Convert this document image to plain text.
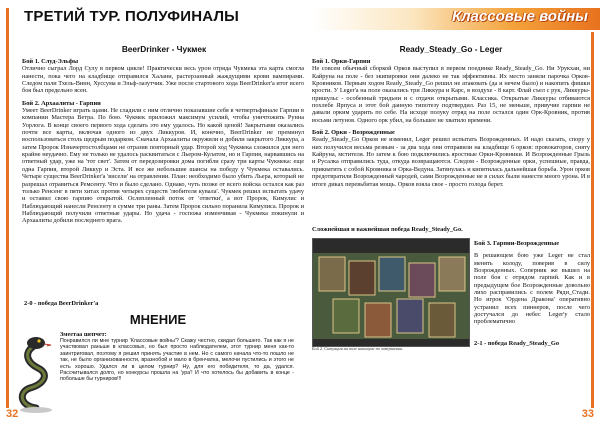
ТРЕТИЙ ТУР. ПОЛУФИНАЛЫ	Классовые войны
BeerDrinker - Чукмек
Бой 1. Слуд-Эльфы

Отлично сыграл Лорд Сулу в первом цикле! Практически весь урон отряда Чукмека эта карта смогла нанести, пока чего на кладбище отправился Халани, растерзанный жаждущими крови вампирами. Следом пали Тхель-Винн, Хуссума и Эльф-лазутчик. Уже после стартового хода BeerDrinker'а итог всего боя был предельно ясен.

Бой 2. Архаалиты - Гарпии

Умеет BeerDrinker играть щами. Не сладили с ним отлично показавшие себя в четвертьфинале Гарпии в компании Мастера Ветра. По бою. Чукмек приложил максимум усилий, чтобы уничтожить Рунна Уорлога. В конце своего первого хода сделать это ему удалось. Но какой ценой! Закрытыми оказались почти все карты, включая одного из двух Ликкуров. И, конечно, BeerDrinker не преминул воспользоваться столь щедрым подарком. Сначала Архаалиты окружили и добили закрытого Ликкура, а затем Пророк Изначертостолбцами не отразив повторный удар. Второй ход Чукмека сложился для него крайне неудачно. Ему не только не удалось расквитаться с Льером-Кулатом, но и Гарпия, нарвавшись на ответный удар, уже на 'тот свет'. Затем от передозировки дома погибли сразу три карты Чукмека: еще одна Гарпия, второй Ликкур и Эста. И все же небольшие шансы на победу у Чукмека оставались. Четыре существа BeerDrinker'а 'висели' на отравлении. План: необходимо было убить Льера, который не разрешал отравиться Ремсенту. Что и было сделано. Однако, чуть позже от всего войска остался как раз только Ренсенг в пяти хитах против четырех существ 'любителя кувала'. Чукмек решил испытать удачу и оставил свою гарпию открытой. Ослепленный поток от 'ответки', а вот Пророк, Кимулис и Наблюдающий нанесли Ренсенту в сумме три раны. Затем Пророк сильно поранила Кимулиса. Пророк и Наблюдающий получили ответные удары. Но удача - госпожа изменчивая - Чукмека покинули и Архаалиты добили последнего врага.

2-0 - победа BeerDrinker'а
МНЕНИЕ
Змеетаа шепчет:
Понравился ли мне турнир 'Классовые войны'? Скажу честно, скидал большего. Так как я не участвовал раньше в классовых, но был просто наблюдателем, этот турнир меня как-то заинтриговал, поэтому я решил принять участие в нем. Но с самого начала что-то пошло не так, не было организованности, вразнобой и мало в бренчатка, мелочи пустились и этого не есть хорошо. Удался ли в целом турнир? Ну, для его победителя, то да, удался. Рассчитывался долго, но конкурсы прошла на 'ура'! И что хотелось бы добавить в конце - побольше бы турниров!!!
Ready_Steady_Go - Leger
Бой 1. Орки-Гарпии

Не совсем обычный сборкой Орков выступил в первом поединке Ready_Steady_Go. Ни Урукхаи, ни Кайруна на поле - без экипировки они далеко не так эффективны. Их место заняли парочка Орков-Кровников. Первым ходом Ready_Steady_Go решил не атаковать (да и нечем было) и накопить фишки крости. У Leger'а на поле оказались три Ликкура и Карс, в воздухе - 8 карт. Флай съел с рук, Ликкуры-пришульс - особенный тридьни и с отдачи открытыми. Классика. Открытые Ликкуры отбиваются похлебе Ярпуса и этот бой данную типотезу подтвердил. Раз 15, не меньше, привучие гарпии не давали орким ударить по себе. На исходе полуку отряд на поле остался один Орк-Кровник, против восьми летунов. Одного орк убил, на большее не хватило времени.

Бой 2. Орки - Возрожденные

Ready_Steady_Go Орков не изменил, Leger решил испытать Возрожденных. И надо сказать, спору у них получился весьма резвым - за два хода они отправили на кладбище 6 орков: провокаторов, сняту Кайруна, мстителя. Но затем к бою подключились яростные Орки-Кровники. И Возрожденные Грызь и Русалка отправились туда, откуда возвращаются. Следом - Возрожденные орки, успешные, правда, прикватить с собой Кровника и Орка-Ведуна. Затянулась и кипятилась дальнейшая борьба. Урон орков предотвратили Возрожденный чародей, сами Возрожденные не в силах были нанести много урона. И в итоге диках перевьбитая мощь. Орков взяла свое - просто голода берет.

Сложнейшая и важнейшая победа Ready_Steady_Go.
Бой 2. Ситуация на поле накануне по завершении.
Бой 3. Гарпии-Возрожденные

В решающем бою уже Leger не стал менять колоду, поверив в силу Возрожденных. Соперник же вышел на поле боя с отрядом гарпий. Как и в предыдущем бое Возрожденные довольно лихо расправились с полем Ряди_Стади. Но игрок 'Ордена Дракона' оперативно устранил всех пиннеров, после чего достучался до небес Leger'у стало проблематично

2-1 - победа Ready_Steady_Go
32	33
